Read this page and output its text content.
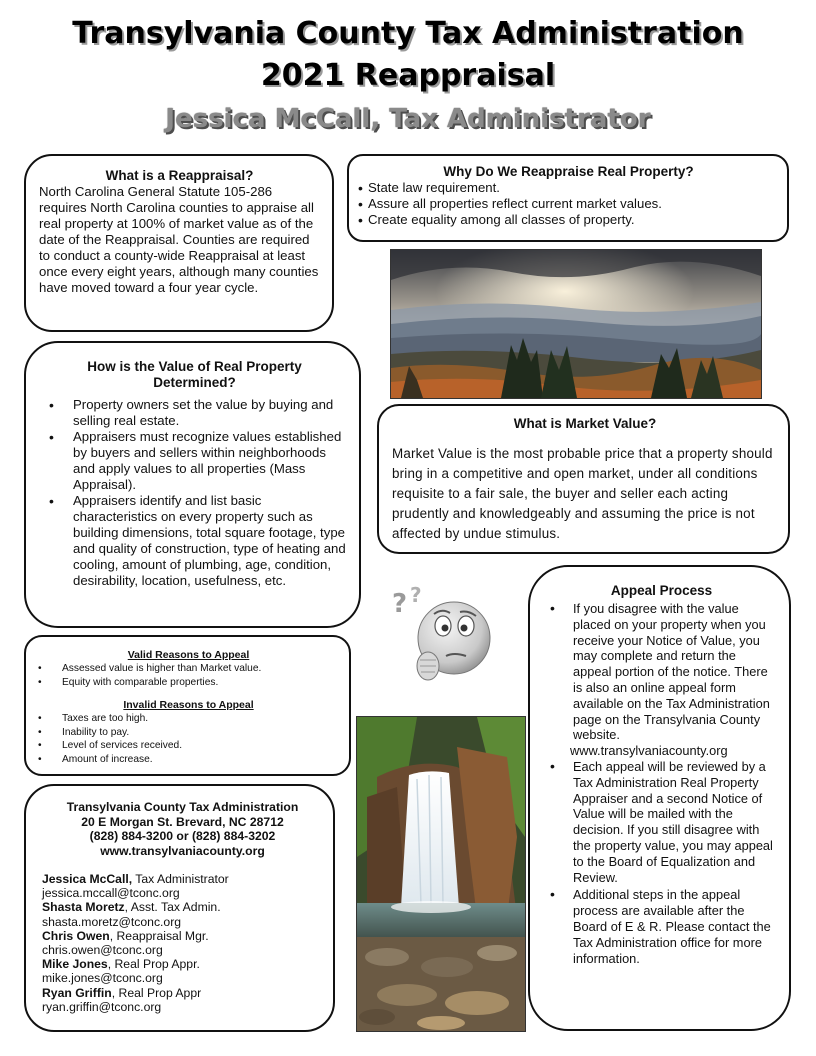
Transylvania County Tax Administration
2021 Reappraisal
Jessica McCall, Tax Administrator
What is a Reappraisal?
North Carolina General Statute 105-286 requires North Carolina counties to appraise all real property at 100% of market value as of the date of the Reappraisal. Counties are required to conduct a county-wide Reappraisal at least once every eight years, although many counties have moved toward a four year cycle.
Why Do We Reappraise Real Property?
• State law requirement.
• Assure all properties reflect current market values.
• Create equality among all classes of property.
How is the Value of Real Property Determined?
• Property owners set the value by buying and selling real estate.
• Appraisers must recognize values established by buyers and sellers within neighborhoods and apply values to all properties (Mass Appraisal).
• Appraisers identify and list basic characteristics on every property such as building dimensions, total square footage, type and quality of construction, type of heating and cooling, amount of plumbing, age, condition, desirability, location, usefulness, etc.
What is Market Value?
Market Value is the most probable price that a property should bring in a competitive and open market, under all conditions requisite to a fair sale, the buyer and seller each acting prudently and knowledgeably and assuming the price is not affected by undue stimulus.
? ?
Valid Reasons to Appeal
• Assessed value is higher than Market value.
• Equity with comparable properties.
Invalid Reasons to Appeal
• Taxes are too high.
• Inability to pay.
• Level of services received.
• Amount of increase.
Transylvania County Tax Administration
20 E Morgan St. Brevard, NC 28712
(828) 884-3200 or (828) 884-3202
www.transylvaniacounty.org
Jessica McCall, Tax Administrator
jessica.mccall@tconc.org
Shasta Moretz, Asst. Tax Admin.
shasta.moretz@tconc.org
Chris Owen, Reappraisal Mgr.
chris.owen@tconc.org
Mike Jones, Real Prop Appr.
mike.jones@tconc.org
Ryan Griffin, Real Prop Appr
ryan.griffin@tconc.org
Appeal Process
• If you disagree with the value placed on your property when you receive your Notice of Value, you may complete and return the appeal portion of the notice. There is also an online appeal form available on the Tax Administration page on the Transylvania County website.
www.transylvaniacounty.org
• Each appeal will be reviewed by a Tax Administration Real Property Appraiser and a second Notice of Value will be mailed with the decision. If you still disagree with the property value, you may appeal to the Board of Equalization and Review.
• Additional steps in the appeal process are available after the Board of E & R. Please contact the Tax Administration office for more information.
